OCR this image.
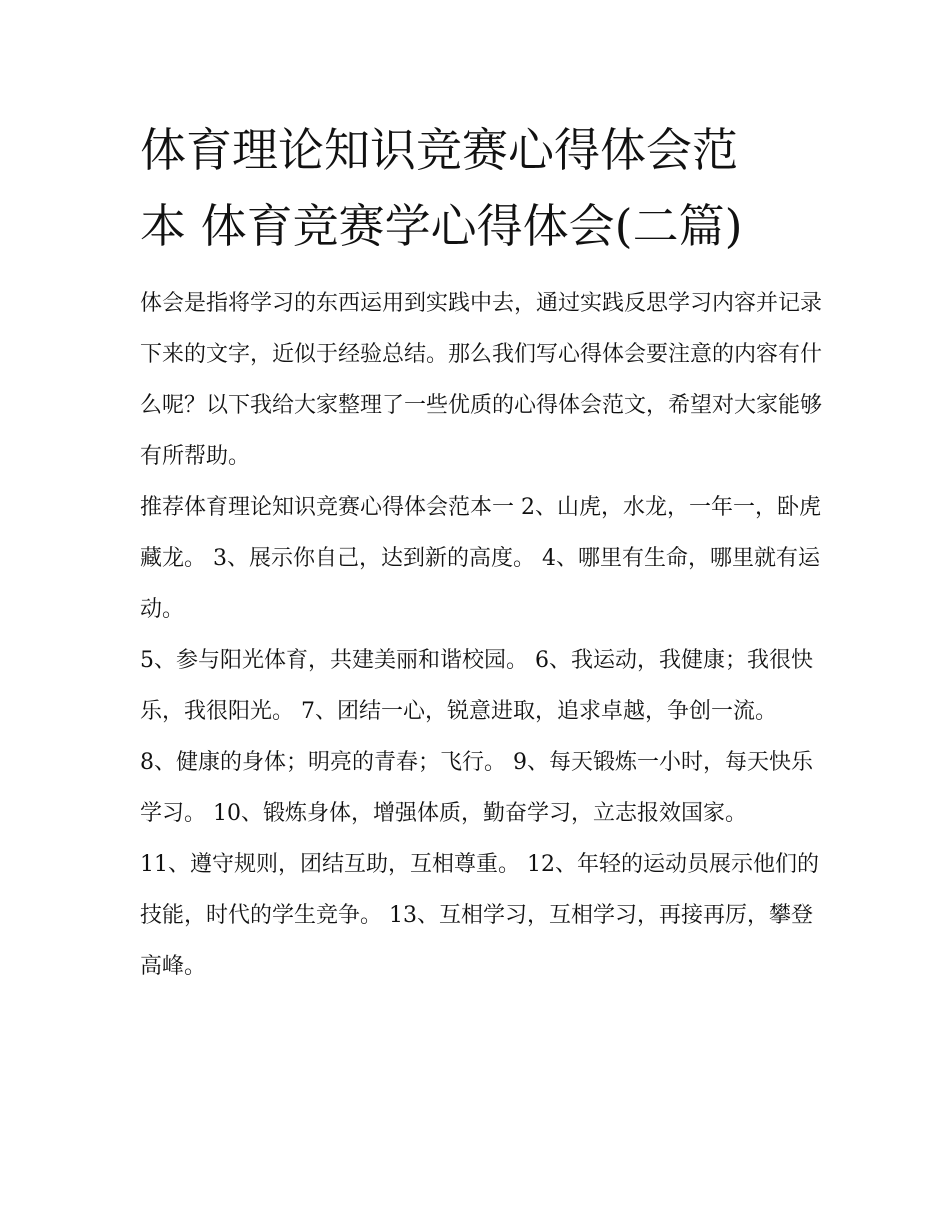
体育理论知识竞赛心得体会范
本 体育竞赛学心得体会(二篇)

体会是指将学习的东西运用到实践中去，通过实践反思学习内容并记录下来的文字，近似于经验总结。那么我们写心得体会要注意的内容有什么呢？以下我给大家整理了一些优质的心得体会范文，希望对大家能够有所帮助。

推荐体育理论知识竞赛心得体会范本一 2、山虎，水龙，一年一，卧虎藏龙。 3、展示你自己，达到新的高度。 4、哪里有生命，哪里就有运动。

5、参与阳光体育，共建美丽和谐校园。 6、我运动，我健康；我很快乐，我很阳光。 7、团结一心，锐意进取，追求卓越，争创一流。

8、健康的身体；明亮的青春；飞行。 9、每天锻炼一小时，每天快乐学习。 10、锻炼身体，增强体质，勤奋学习，立志报效国家。

11、遵守规则，团结互助，互相尊重。 12、年轻的运动员展示他们的技能，时代的学生竞争。 13、互相学习，互相学习，再接再厉，攀登高峰。
